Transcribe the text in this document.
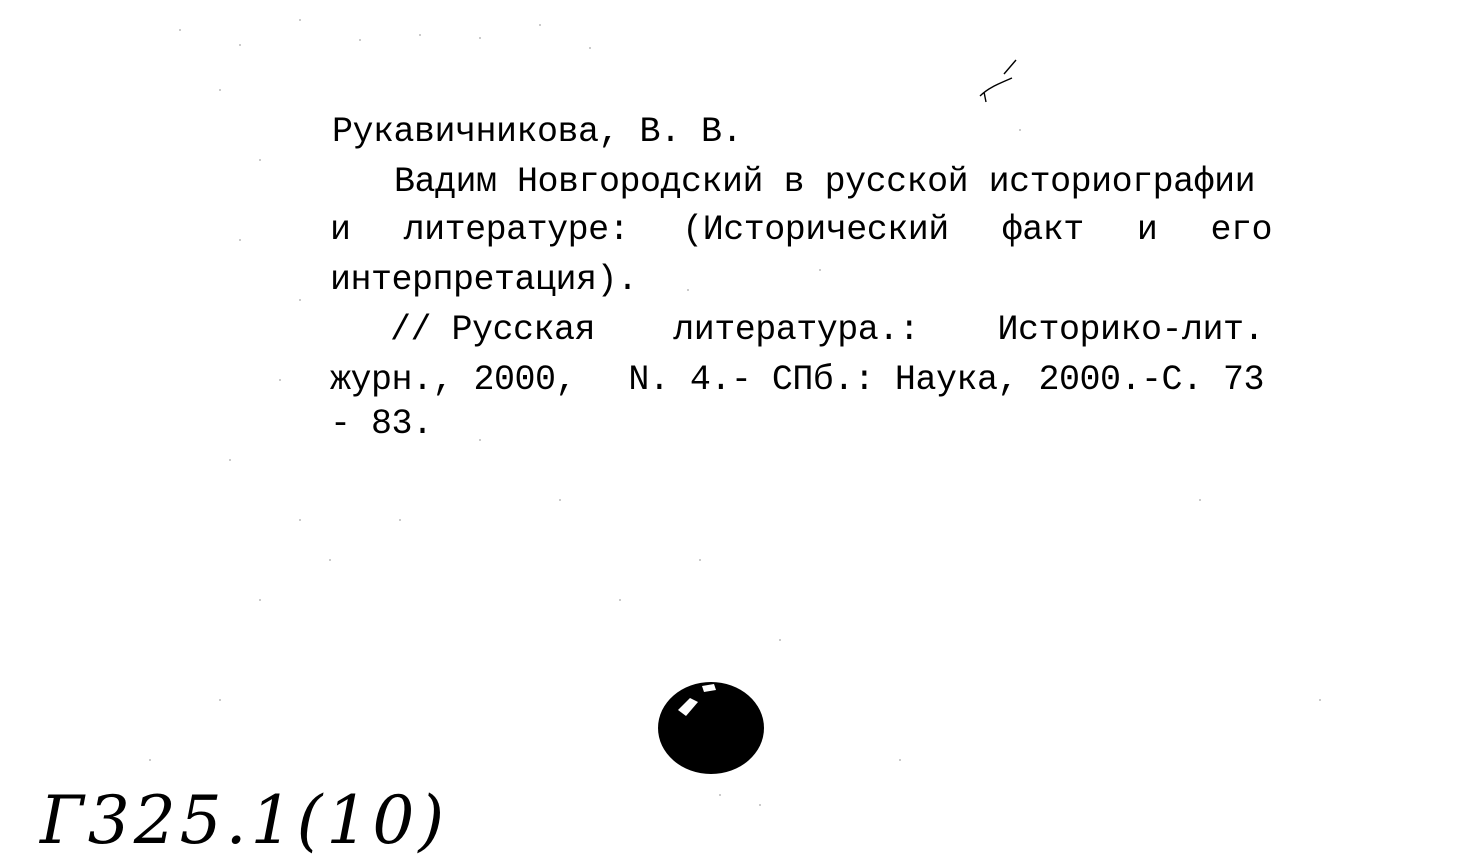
Рукавичникова, В. В.
Вадим Новгородский в русской историографии
и литературе: (Исторический факт и его
интерпретация).
// Русская литература.: Историко-лит.
журн., 2000, N. 4.- СПб.: Наука, 2000.-С. 73
- 83.
Г325.1(10)
